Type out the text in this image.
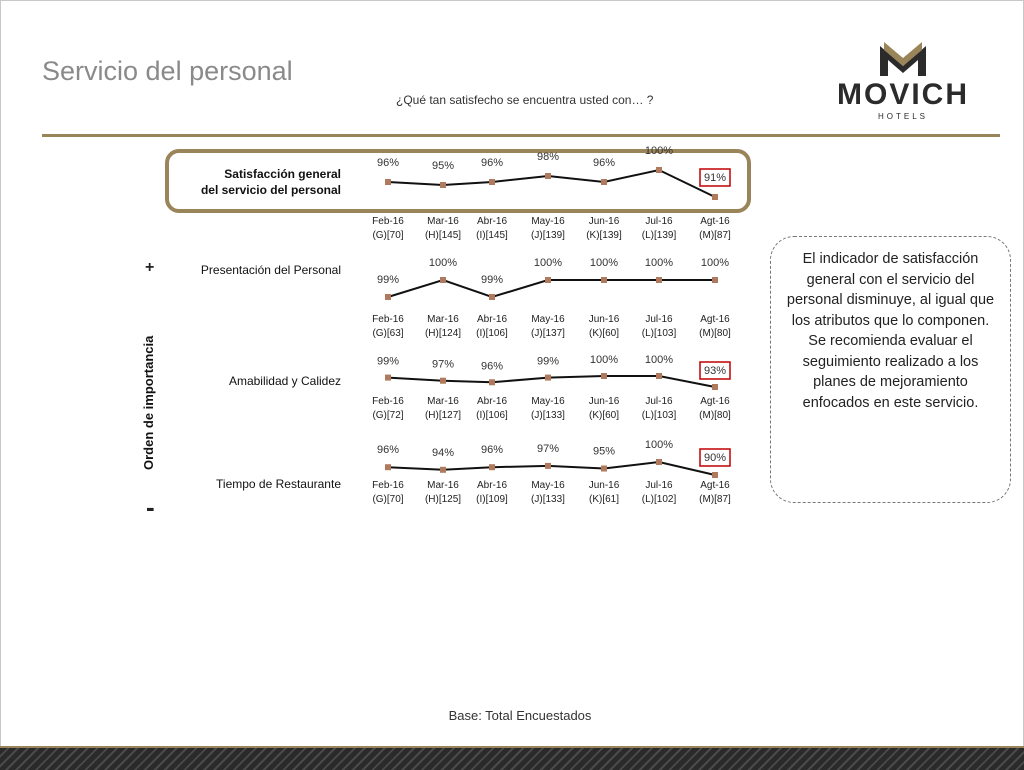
Servicio del personal
¿Qué tan satisfecho se encuentra usted con… ?	MOVICH
HOTELS
Satisfacción general
del servicio del personal
Presentación del Personal
Amabilidad y Calidez
Tiempo de Restaurante
+
Orden de importancia
-
96%
Feb-16
(G)[70]
95%
Mar-16
(H)[145]
96%
Abr-16
(I)[145]
98%
May-16
(J)[139]
96%
Jun-16
(K)[139]
100%
Jul-16
(L)[139]
91%
Agt-16
(M)[87]
99%
Feb-16
(G)[63]
100%
Mar-16
(H)[124]
99%
Abr-16
(I)[106]
100%
May-16
(J)[137]
100%
Jun-16
(K)[60]
100%
Jul-16
(L)[103]
100%
Agt-16
(M)[80]
99%
Feb-16
(G)[72]
97%
Mar-16
(H)[127]
96%
Abr-16
(I)[106]
99%
May-16
(J)[133]
100%
Jun-16
(K)[60]
100%
Jul-16
(L)[103]
93%
Agt-16
(M)[80]
96%
Feb-16
(G)[70]
94%
Mar-16
(H)[125]
96%
Abr-16
(I)[109]
97%
May-16
(J)[133]
95%
Jun-16
(K)[61]
100%
Jul-16
(L)[102]
90%
Agt-16
(M)[87]
El indicador de satisfacción general con el servicio del personal disminuye, al igual que los atributos que lo componen. Se recomienda evaluar el seguimiento realizado a los planes de mejoramiento enfocados en este servicio.
Base: Total Encuestados
